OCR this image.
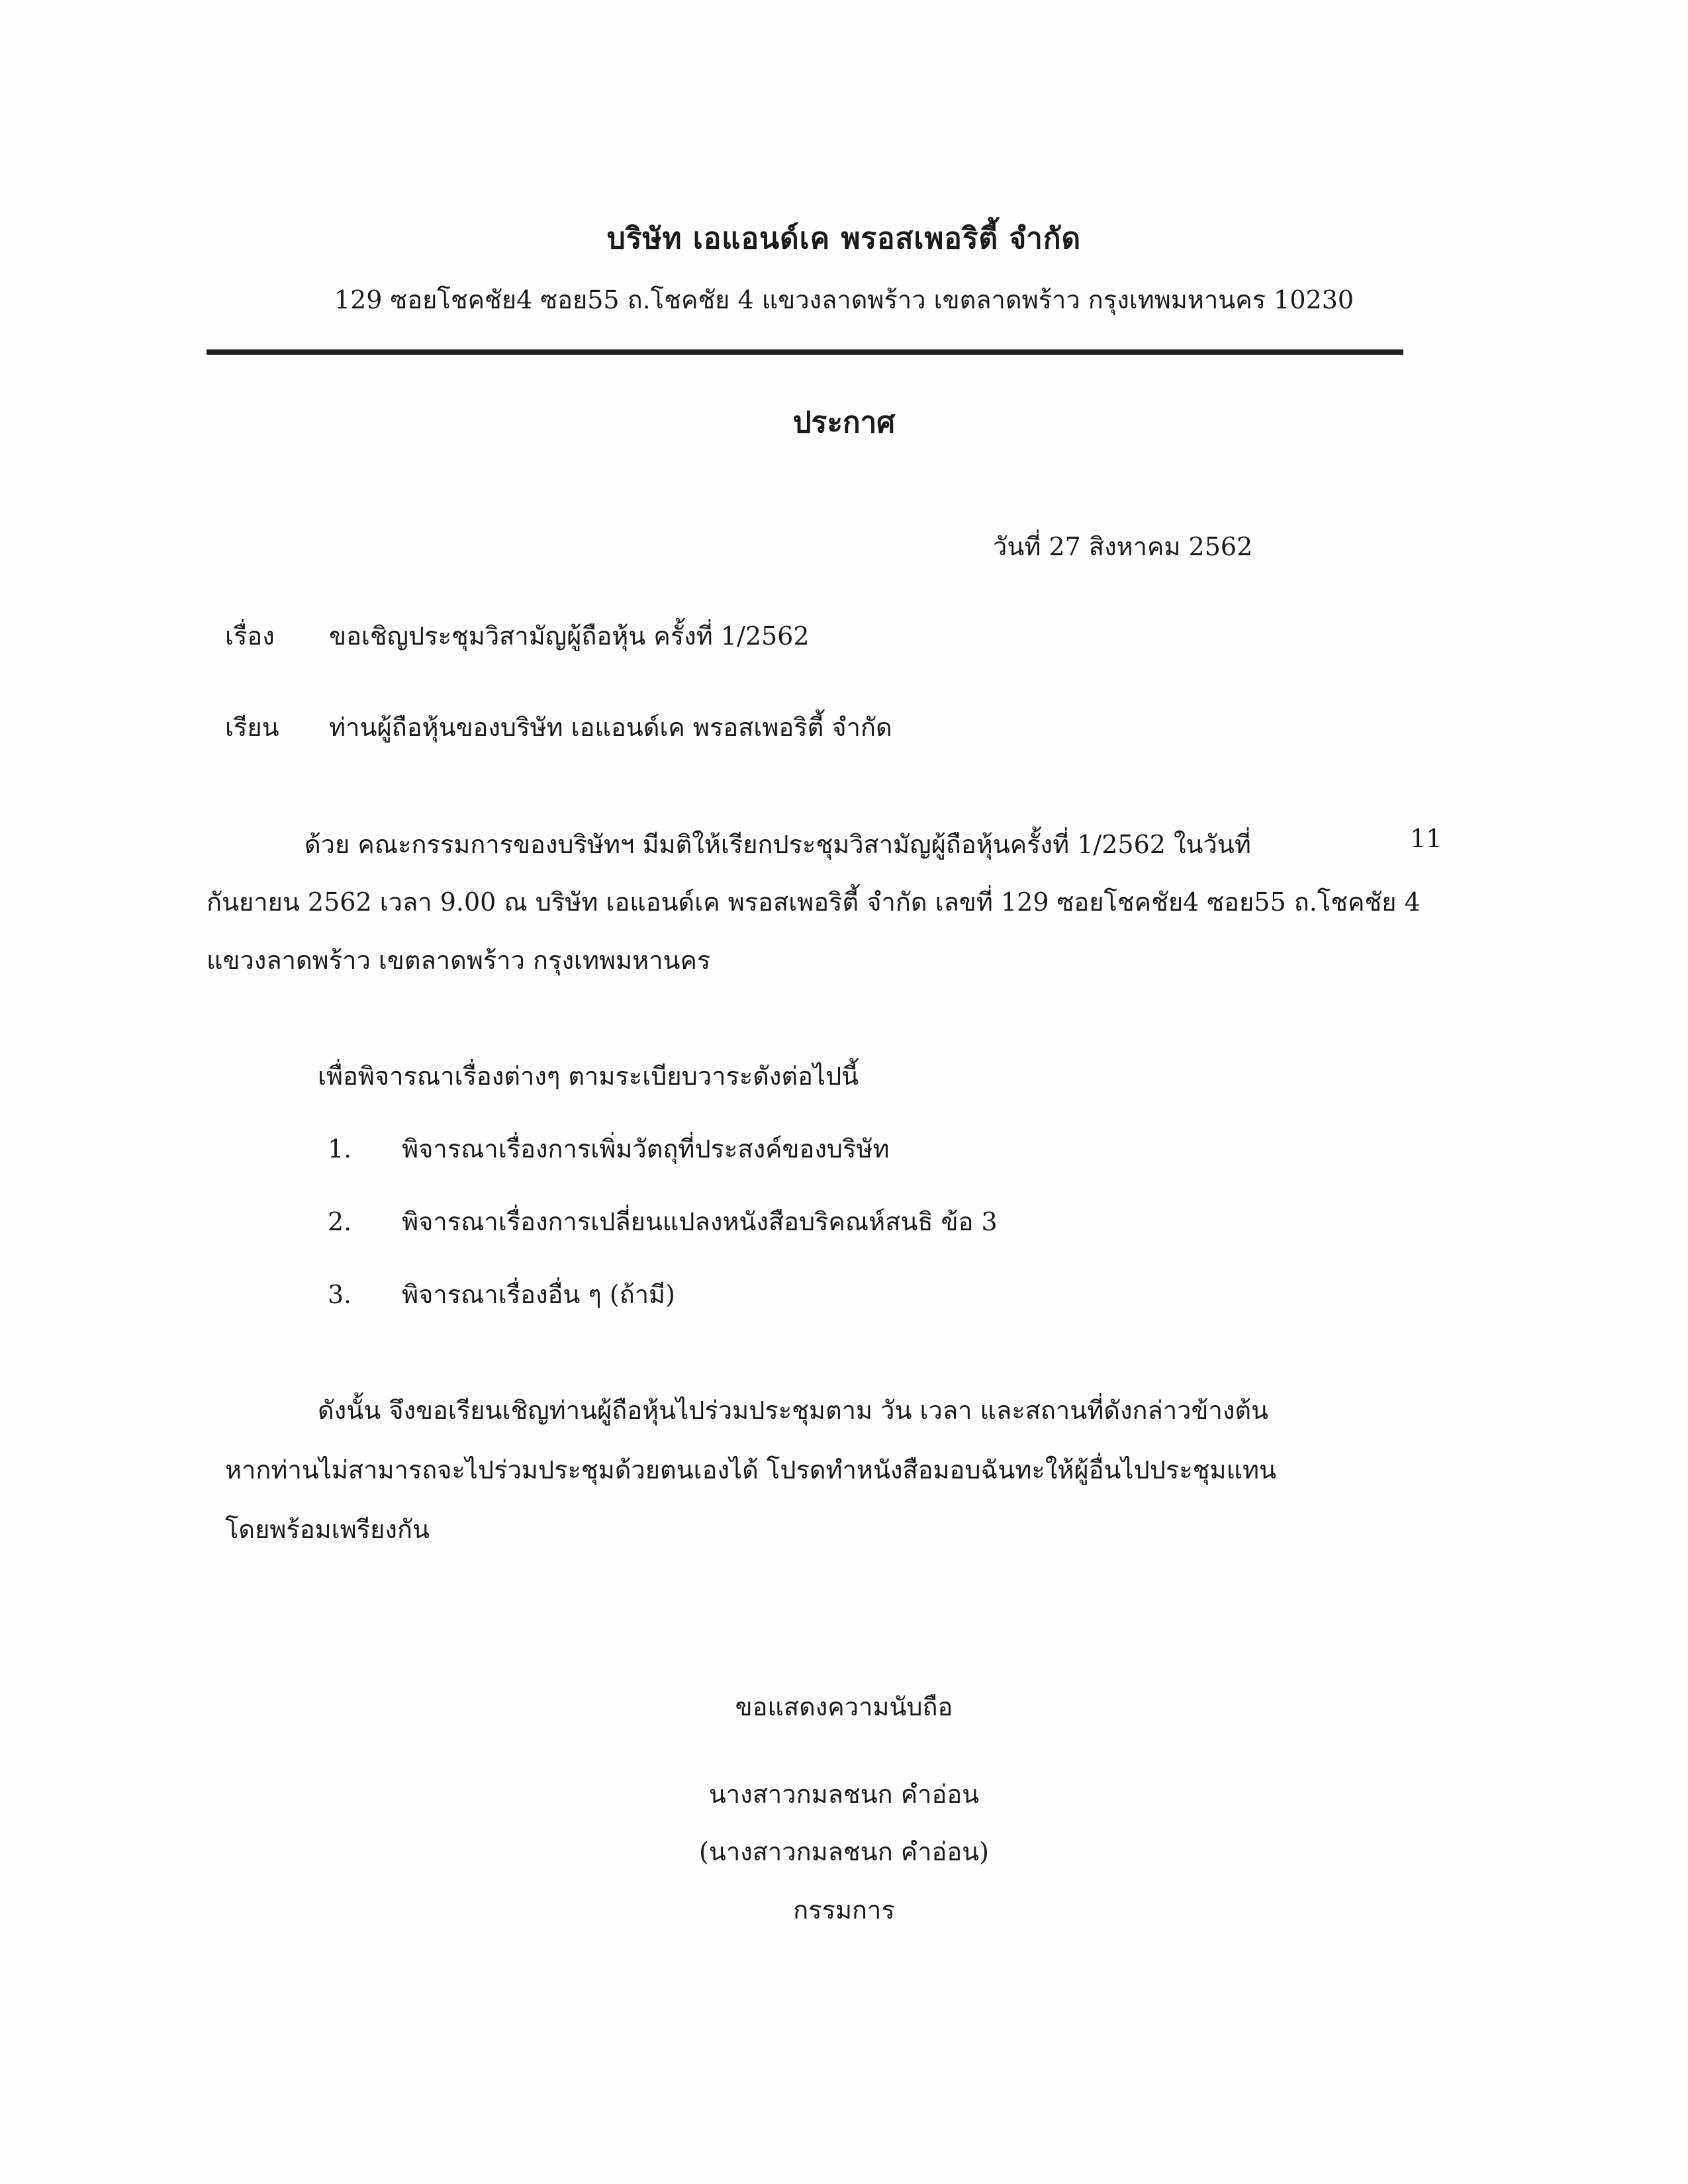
บริษัท เอแอนด์เค พรอสเพอริตี้ จำกัด
129 ซอยโชคชัย4 ซอย55 ถ.โชคชัย 4 แขวงลาดพร้าว เขตลาดพร้าว กรุงเทพมหานคร 10230
ประกาศ
วันที่ 27 สิงหาคม 2562
เรื่อง ขอเชิญประชุมวิสามัญผู้ถือหุ้น ครั้งที่ 1/2562
เรียน ท่านผู้ถือหุ้นของบริษัท เอแอนด์เค พรอสเพอริตี้ จำกัด
ด้วย คณะกรรมการของบริษัทฯ มีมติให้เรียกประชุมวิสามัญผู้ถือหุ้นครั้งที่ 1/2562 ในวันที่	11
กันยายน 2562 เวลา 9.00 ณ บริษัท เอแอนด์เค พรอสเพอริตี้ จำกัด เลขที่ 129 ซอยโชคชัย4 ซอย55 ถ.โชคชัย 4
แขวงลาดพร้าว เขตลาดพร้าว กรุงเทพมหานคร
เพื่อพิจารณาเรื่องต่างๆ ตามระเบียบวาระดังต่อไปนี้
1. พิจารณาเรื่องการเพิ่มวัตถุที่ประสงค์ของบริษัท
2. พิจารณาเรื่องการเปลี่ยนแปลงหนังสือบริคณห์สนธิ ข้อ 3
3. พิจารณาเรื่องอื่น ๆ (ถ้ามี)
ดังนั้น จึงขอเรียนเชิญท่านผู้ถือหุ้นไปร่วมประชุมตาม วัน เวลา และสถานที่ดังกล่าวข้างต้น
หากท่านไม่สามารถจะไปร่วมประชุมด้วยตนเองได้ โปรดทำหนังสือมอบฉันทะให้ผู้อื่นไปประชุมแทน
โดยพร้อมเพรียงกัน
ขอแสดงความนับถือ
นางสาวกมลชนก คำอ่อน
(นางสาวกมลชนก คำอ่อน)
กรรมการ
